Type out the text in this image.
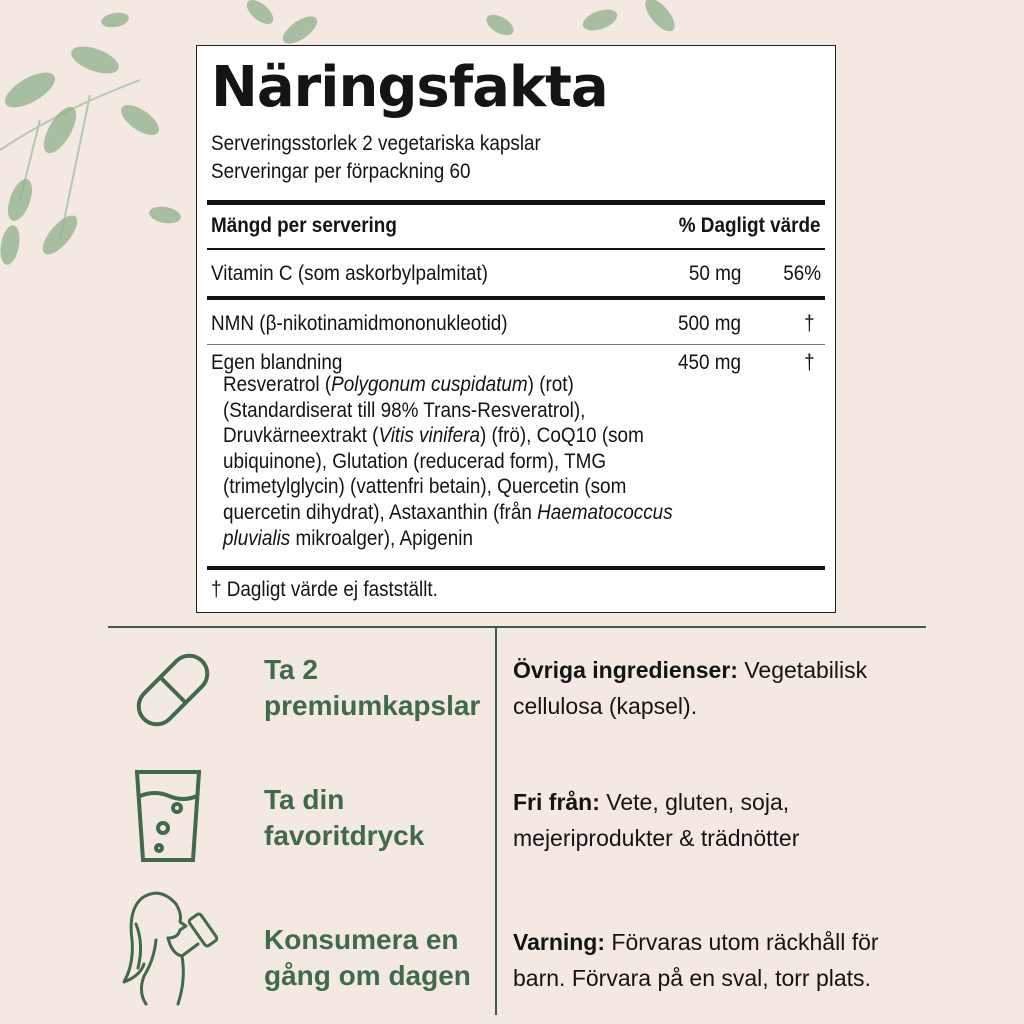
Näringsfakta
Serveringsstorlek 2 vegetariska kapslar
Serveringar per förpackning 60
Mängd per servering	% Dagligt värde
Vitamin C (som askorbylpalmitat)	50 mg 56%
NMN (β-nikotinamidmononukleotid)	500 mg	†
Egen blandning	450 mg	†
Resveratrol (Polygonum cuspidatum) (rot) (Standardiserat till 98% Trans-Resveratrol), Druvkärneextrakt (Vitis vinifera) (frö), CoQ10 (som ubiquinone), Glutation (reducerad form), TMG (trimetylglycin) (vattenfri betain), Quercetin (som quercetin dihydrat), Astaxanthin (från Haematococcus pluvialis mikroalger), Apigenin
† Dagligt värde ej fastställt.
Ta 2 premiumkapslar
Ta din favoritdryck
Konsumera en gång om dagen
Övriga ingredienser: Vegetabilisk cellulosa (kapsel).
Fri från: Vete, gluten, soja, mejeriprodukter & trädnötter
Varning: Förvaras utom räckhåll för barn. Förvara på en sval, torr plats.
